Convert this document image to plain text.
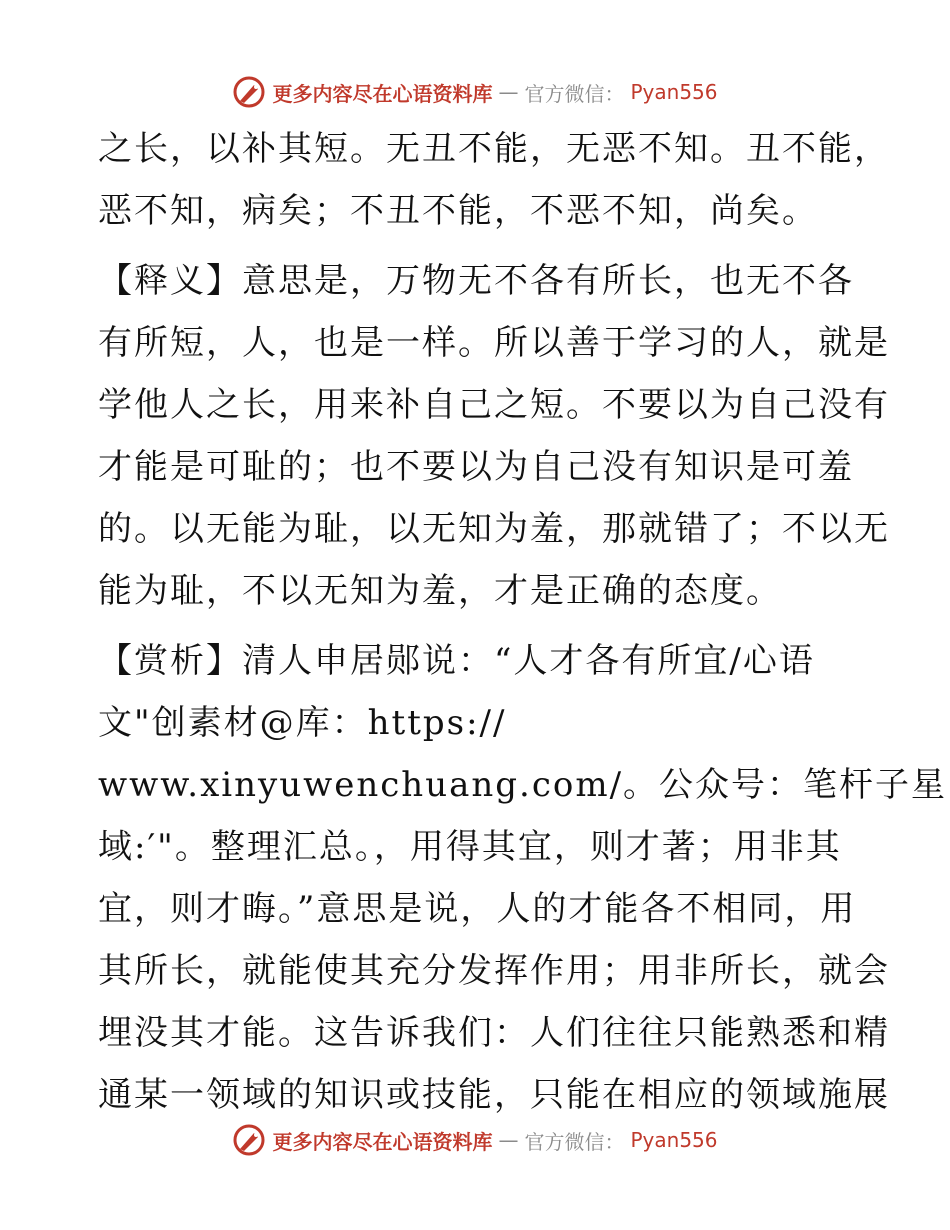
更多内容尽在心语资料库 — 官方微信： Pyan556
之长，以补其短。无丑不能，无恶不知。丑不能，
恶不知，病矣；不丑不能，不恶不知，尚矣。
【释义】意思是，万物无不各有所长，也无不各
有所短，人，也是一样。所以善于学习的人，就是
学他人之长，用来补自己之短。不要以为自己没有
才能是可耻的；也不要以为自己没有知识是可羞
的。以无能为耻，以无知为羞，那就错了；不以无
能为耻，不以无知为羞，才是正确的态度。
【赏析】清人申居郧说：“人才各有所宜/心语
文"创素材@库：https://
www.xinyuwenchuang.com/。公众号：笔杆子星
域:′"。整理汇总。，用得其宜，则才著；用非其
宜，则才晦。”意思是说，人的才能各不相同，用
其所长，就能使其充分发挥作用；用非所长，就会
埋没其才能。这告诉我们：人们往往只能熟悉和精
通某一领域的知识或技能，只能在相应的领域施展
更多内容尽在心语资料库 — 官方微信： Pyan556
